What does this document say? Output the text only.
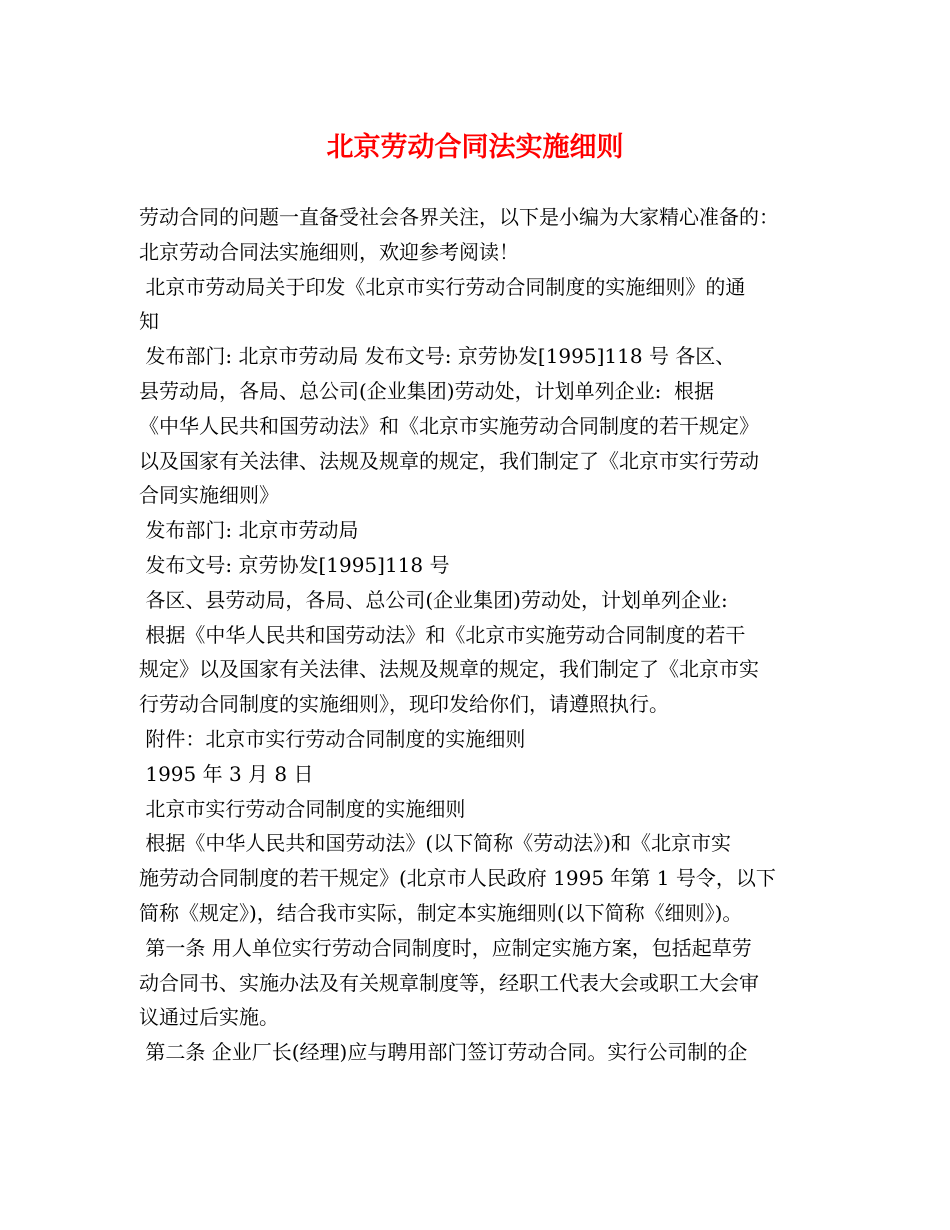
北京劳动合同法实施细则
劳动合同的问题一直备受社会各界关注，以下是小编为大家精心准备的：
北京劳动合同法实施细则，欢迎参考阅读！
北京市劳动局关于印发《北京市实行劳动合同制度的实施细则》的通
知
发布部门: 北京市劳动局 发布文号: 京劳协发[1995]118 号 各区、
县劳动局，各局、总公司(企业集团)劳动处，计划单列企业:  根据
《中华人民共和国劳动法》和《北京市实施劳动合同制度的若干规定》
以及国家有关法律、法规及规章的规定，我们制定了《北京市实行劳动
合同实施细则》
发布部门: 北京市劳动局
发布文号: 京劳协发[1995]118 号
各区、县劳动局，各局、总公司(企业集团)劳动处，计划单列企业:
根据《中华人民共和国劳动法》和《北京市实施劳动合同制度的若干
规定》以及国家有关法律、法规及规章的规定，我们制定了《北京市实
行劳动合同制度的实施细则》，现印发给你们，请遵照执行。
附件：北京市实行劳动合同制度的实施细则
1995 年 3 月 8 日
北京市实行劳动合同制度的实施细则
根据《中华人民共和国劳动法》(以下简称《劳动法》)和《北京市实
施劳动合同制度的若干规定》(北京市人民政府 1995 年第 1 号令，以下
简称《规定》)，结合我市实际，制定本实施细则(以下简称《细则》)。
第一条 用人单位实行劳动合同制度时，应制定实施方案，包括起草劳
动合同书、实施办法及有关规章制度等，经职工代表大会或职工大会审
议通过后实施。
第二条 企业厂长(经理)应与聘用部门签订劳动合同。实行公司制的企
